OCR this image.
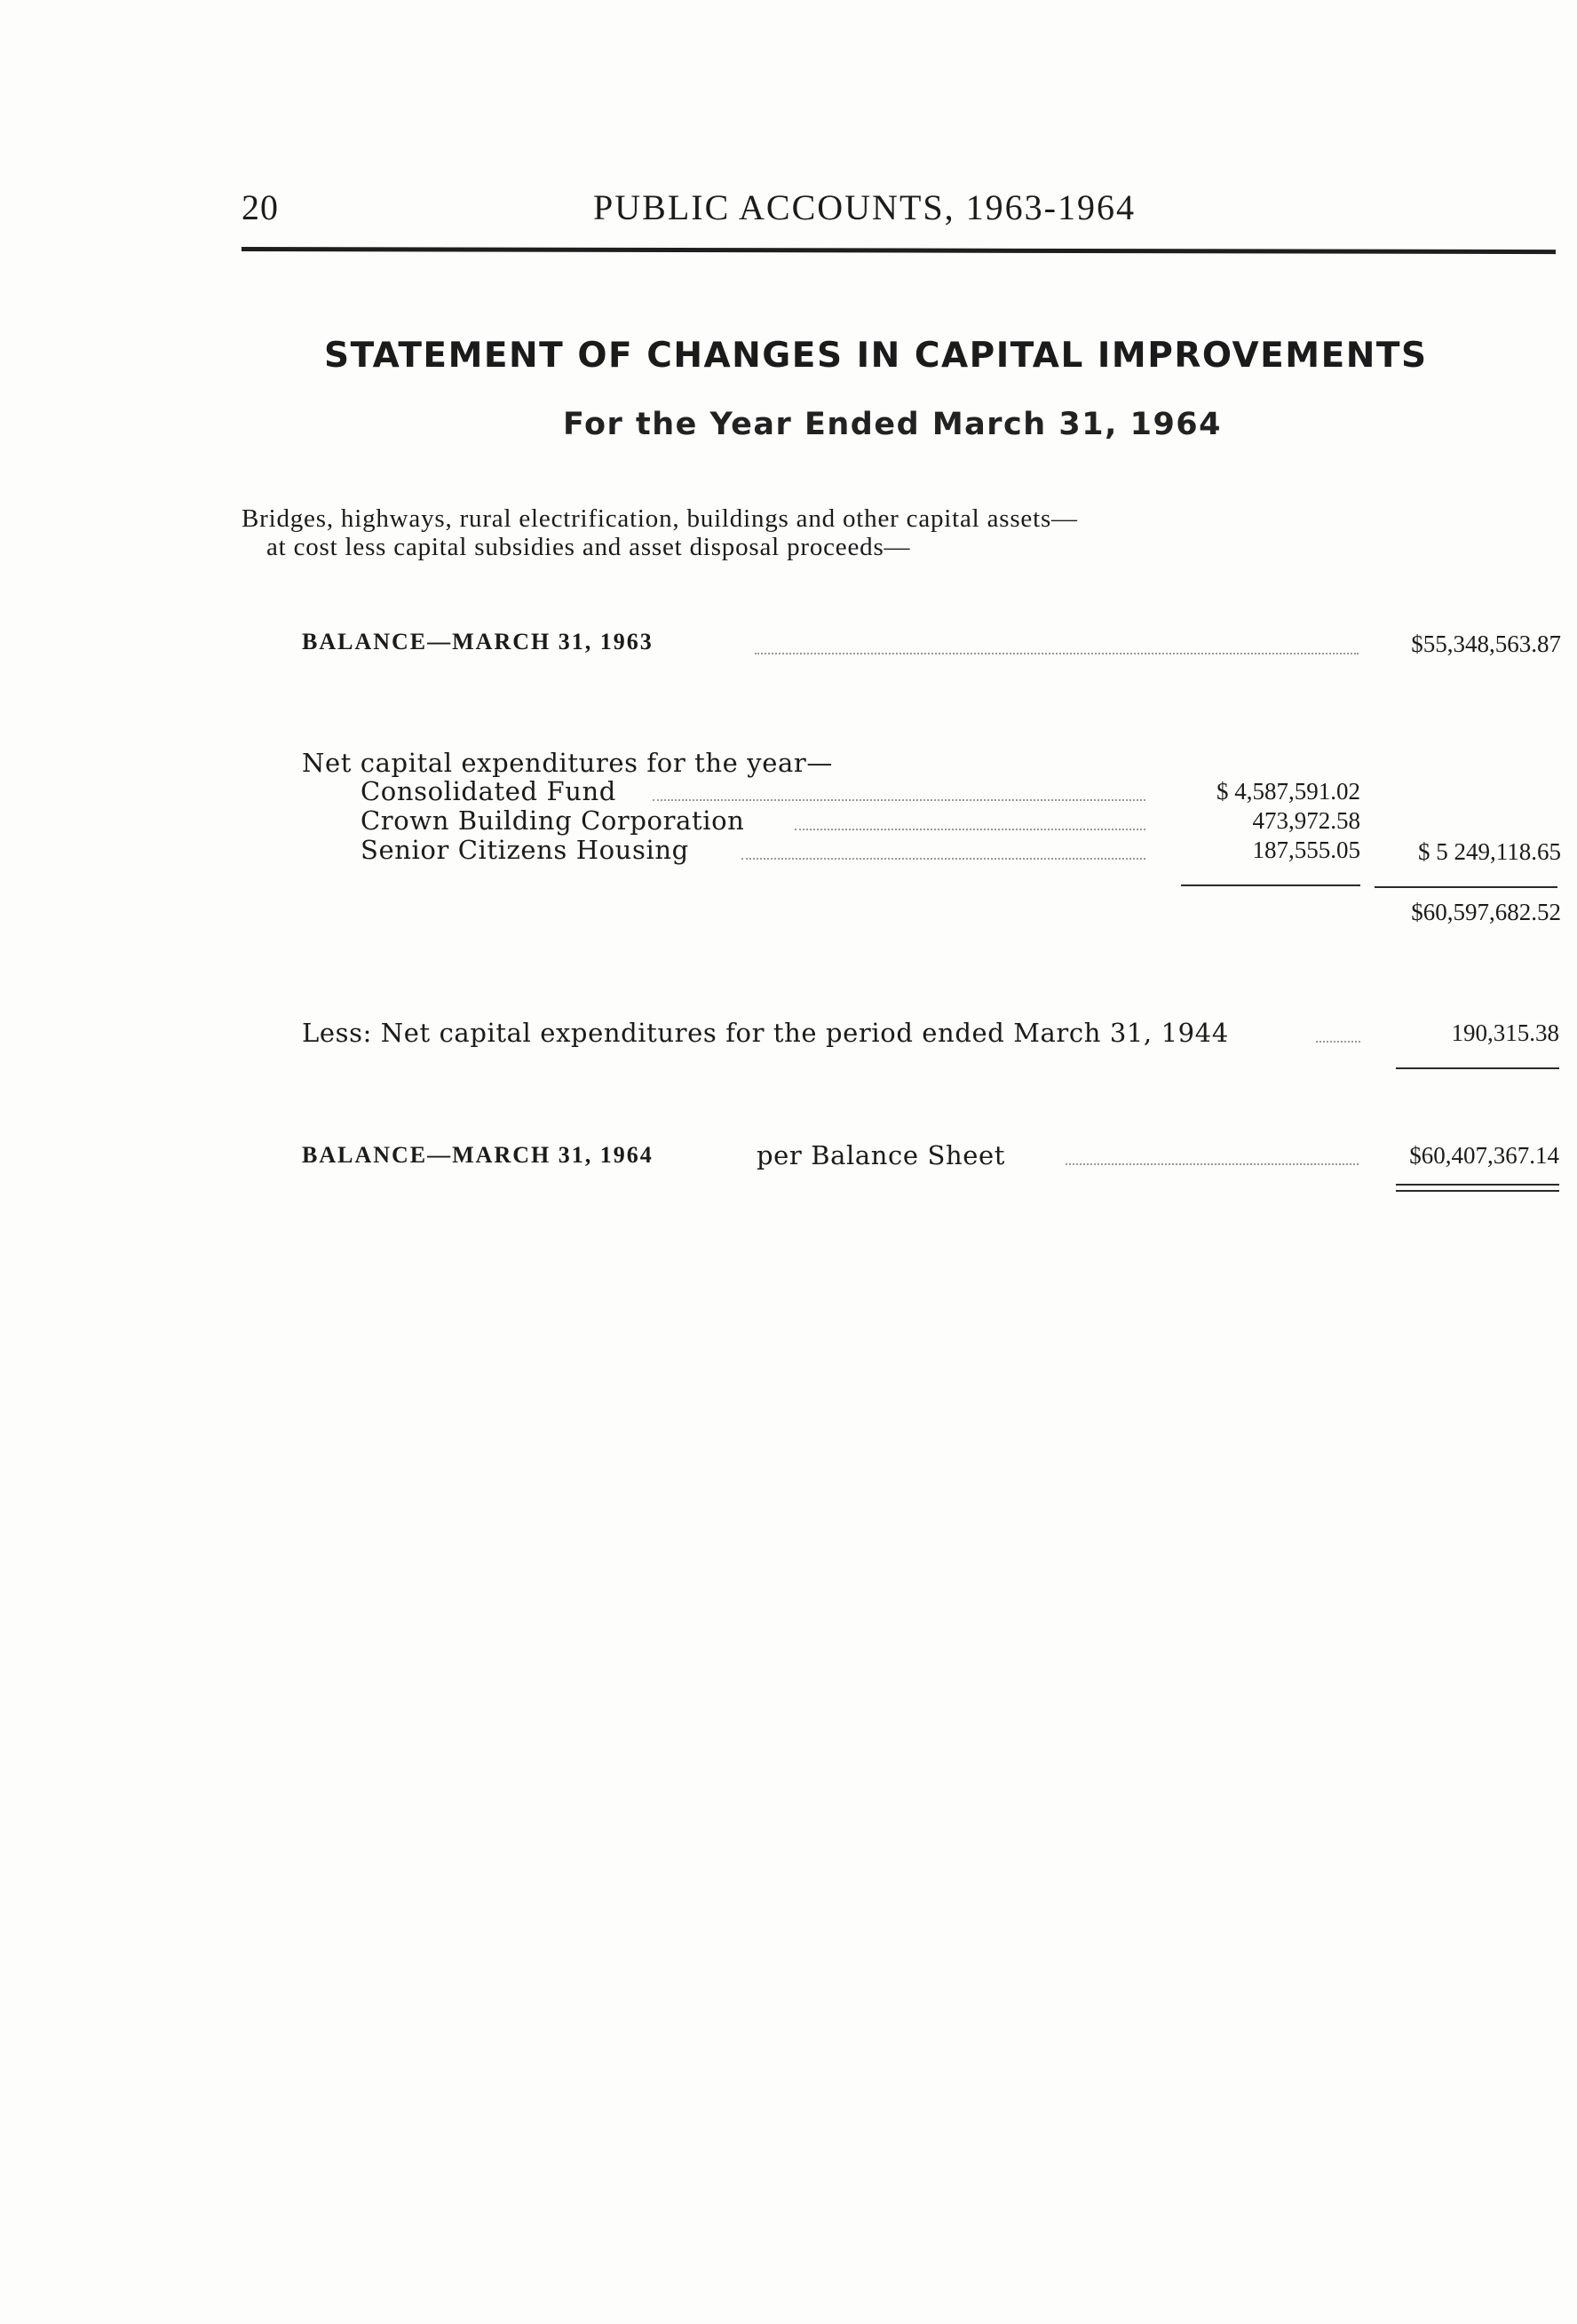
20	PUBLIC ACCOUNTS, 1963-1964
STATEMENT OF CHANGES IN CAPITAL IMPROVEMENTS
For the Year Ended March 31, 1964
Bridges, highways, rural electrification, buildings and other capital assets—
at cost less capital subsidies and asset disposal proceeds—
BALANCE—MARCH 31, 1963	$55,348,563.87
Net capital expenditures for the year—
Consolidated Fund	$ 4,587,591.02
Crown Building Corporation	473,972.58
Senior Citizens Housing	187,555.05	$ 5 249,118.65
$60,597,682.52
Less: Net capital expenditures for the period ended March 31, 1944	190,315.38
BALANCE—MARCH 31, 1964	per Balance Sheet	$60,407,367.14
